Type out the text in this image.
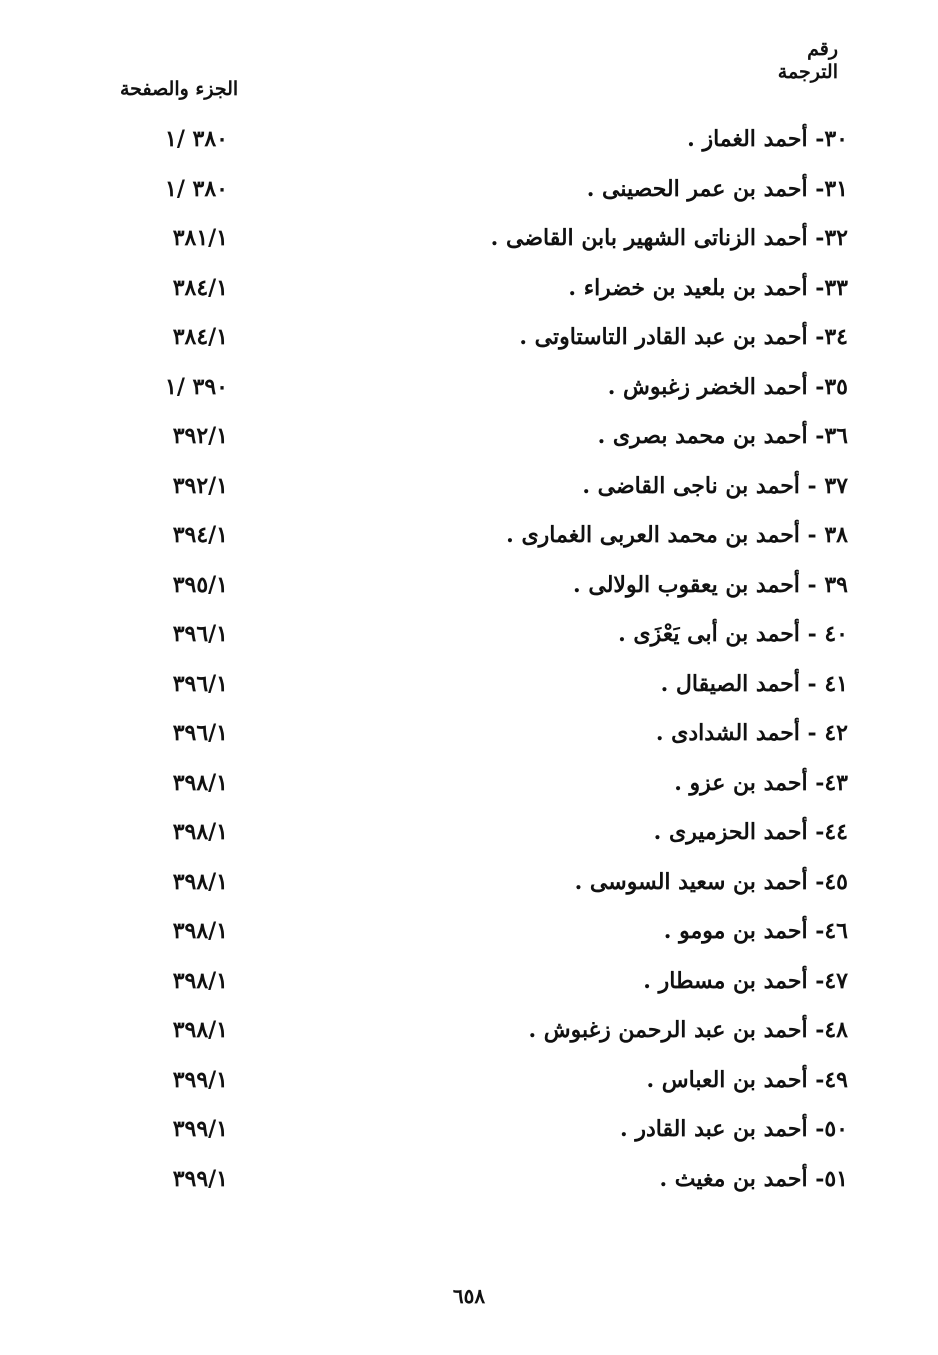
رقم
الترجمة
الجزء والصفحة
٣٠- أحمد الغماز .
٣٨٠ /١
٣١- أحمد بن عمر الحصينى .
٣٨٠ /١
٣٢- أحمد الزناتى الشهير بابن القاضى .
٣٨١/١
٣٣- أحمد بن بلعيد بن خضراء .
٣٨٤/١
٣٤- أحمد بن عبد القادر التاستاوتى .
٣٨٤/١
٣٥- أحمد الخضر زغبوش .
٣٩٠ /١
٣٦- أحمد بن محمد بصرى .
٣٩٢/١
٣٧ - أحمد بن ناجى القاضى .
٣٩٢/١
٣٨ - أحمد بن محمد العربى الغمارى .
٣٩٤/١
٣٩ - أحمد بن يعقوب الولالى .
٣٩٥/١
٤٠ - أحمد بن أبى يَعْزَى .
٣٩٦/١
٤١ - أحمد الصيقال .
٣٩٦/١
٤٢ - أحمد الشدادى .
٣٩٦/١
٤٣- أحمد بن عزو .
٣٩٨/١
٤٤- أحمد الحزميرى .
٣٩٨/١
٤٥- أحمد بن سعيد السوسى .
٣٩٨/١
٤٦- أحمد بن مومو .
٣٩٨/١
٤٧- أحمد بن مسطار .
٣٩٨/١
٤٨- أحمد بن عبد الرحمن زغبوش .
٣٩٨/١
٤٩- أحمد بن العباس .
٣٩٩/١
٥٠- أحمد بن عبد القادر .
٣٩٩/١
٥١- أحمد بن مغيث .
٣٩٩/١
٦٥٨
